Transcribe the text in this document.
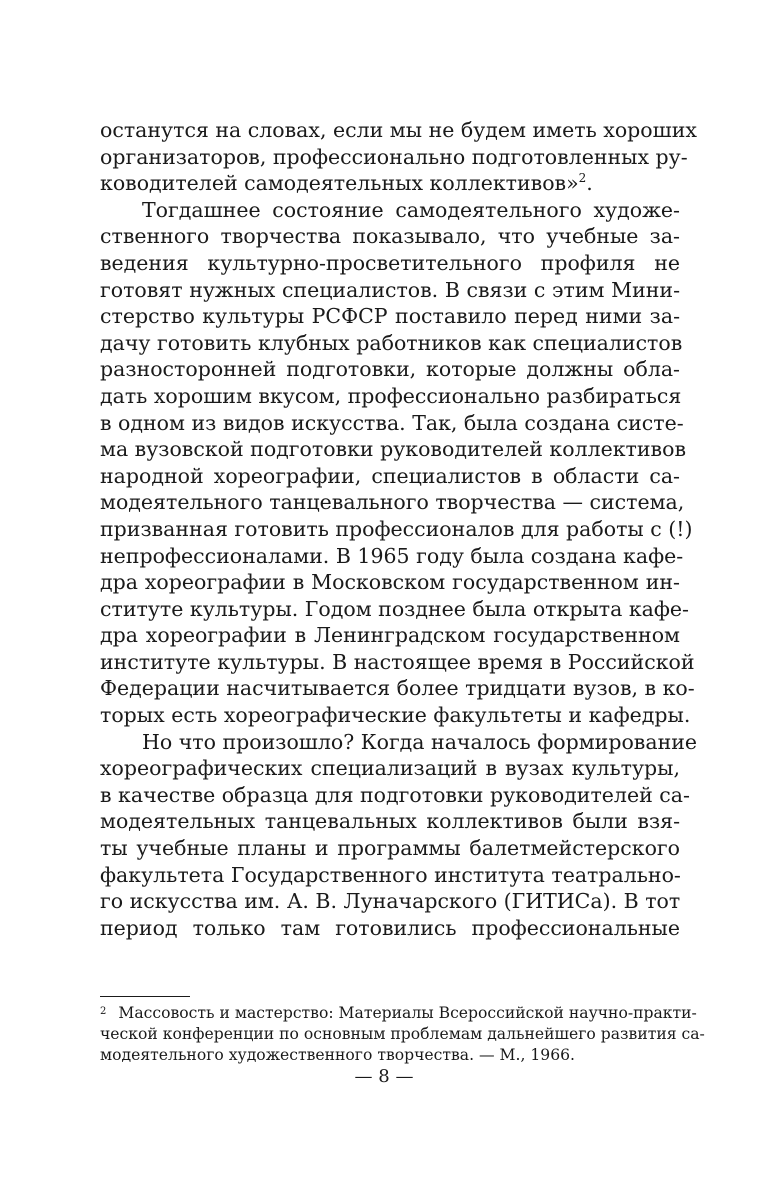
останутся на словах, если мы не будем иметь хороших
организаторов, профессионально подготовленных ру-
ководителей самодеятельных коллективов»$^2$.
Тогдашнее состояние самодеятельного художе-
ственного творчества показывало, что учебные за-
ведения культурно-просветительного профиля не
готовят нужных специалистов. В связи с этим Мини-
стерство культуры РСФСР поставило перед ними за-
дачу готовить клубных работников как специалистов
разносторонней подготовки, которые должны обла-
дать хорошим вкусом, профессионально разбираться
в одном из видов искусства. Так, была создана систе-
ма вузовской подготовки руководителей коллективов
народной хореографии, специалистов в области са-
модеятельного танцевального творчества — система,
призванная готовить профессионалов для работы с (!)
непрофессионалами. В 1965 году была создана кафе-
дра хореографии в Московском государственном ин-
ституте культуры. Годом позднее была открыта кафе-
дра хореографии в Ленинградском государственном
институте культуры. В настоящее время в Российской
Федерации насчитывается более тридцати вузов, в ко-
торых есть хореографические факультеты и кафедры.
Но что произошло? Когда началось формирование
хореографических специализаций в вузах культуры,
в качестве образца для подготовки руководителей са-
модеятельных танцевальных коллективов были взя-
ты учебные планы и программы балетмейстерского
факультета Государственного института театрально-
го искусства им. А. В. Луначарского (ГИТИСа). В тот
период только там готовились профессиональные
$^2$ Массовость и мастерство: Материалы Всероссийской научно-практи-
ческой конференции по основным проблемам дальнейшего развития са-
модеятельного художественного творчества. — М., 1966.
— 8 —
